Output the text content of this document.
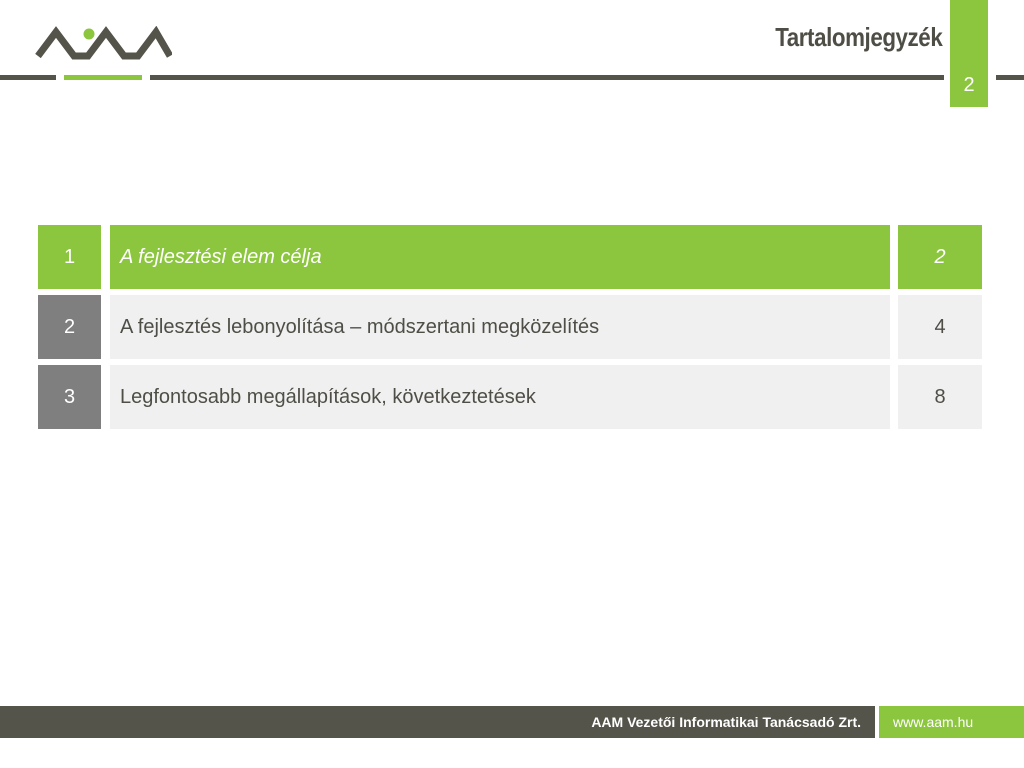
Tartalomjegyzék
2
1	A fejlesztési elem célja	2
2	A fejlesztés lebonyolítása – módszertani megközelítés	4
3	Legfontosabb megállapítások, következtetések	8
AAM Vezetői Informatikai Tanácsadó Zrt. www.aam.hu
